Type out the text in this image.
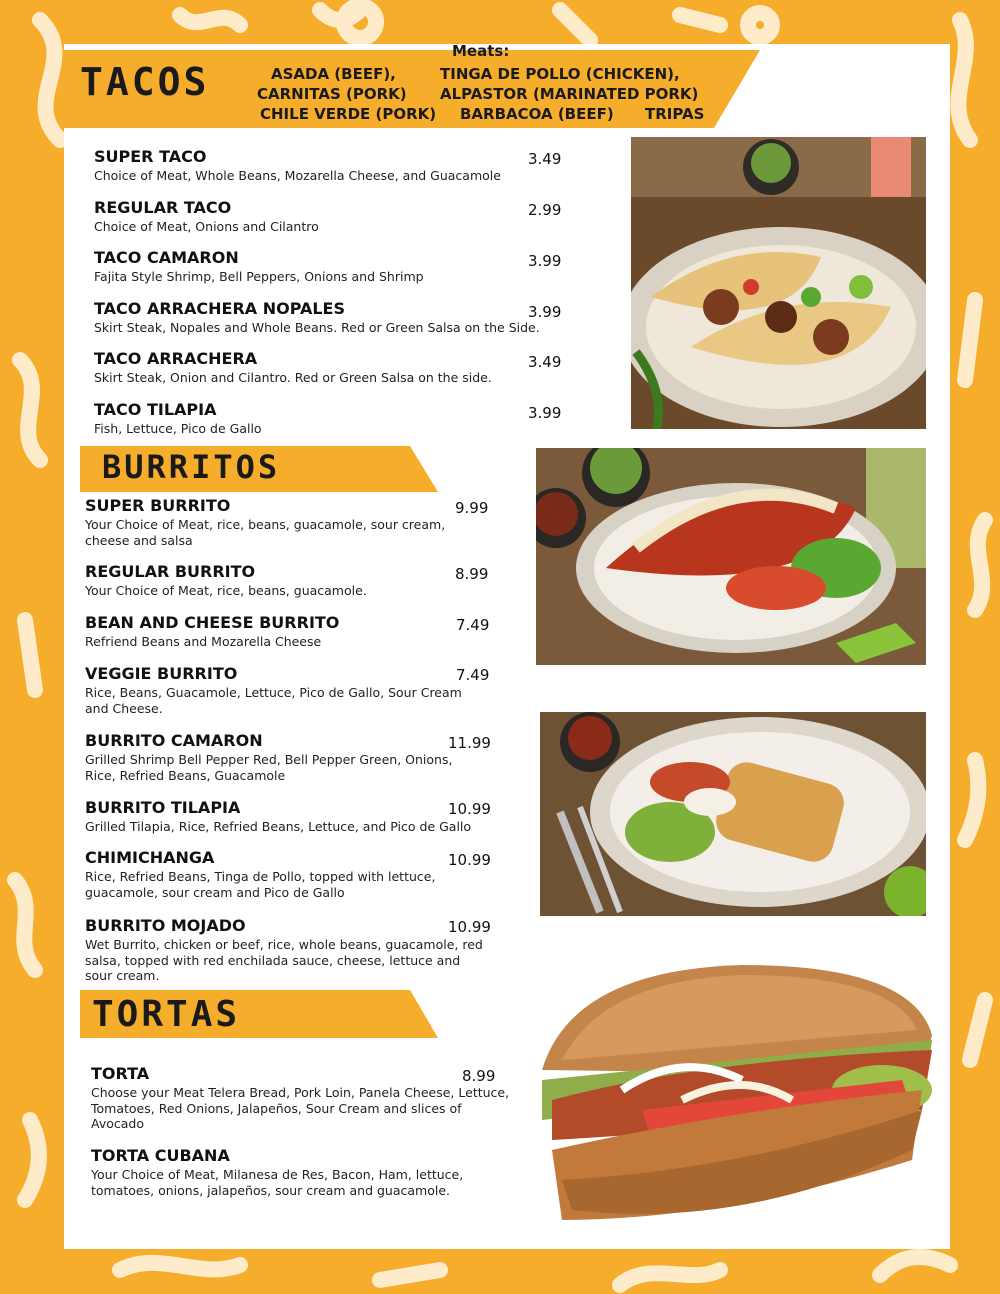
TACOS
Meats:
ASADA (BEEF),	TINGA DE POLLO (CHICKEN),
CARNITAS (PORK) ALPASTOR (MARINATED PORK)
CHILE VERDE (PORK) BARBACOA (BEEF) TRIPAS
SUPER TACO
Choice of Meat, Whole Beans, Mozarella Cheese, and Guacamole
3.49
REGULAR TACO
Choice of Meat, Onions and Cilantro
2.99
TACO CAMARON
Fajita Style Shrimp, Bell Peppers, Onions and Shrimp
3.99
TACO ARRACHERA NOPALES
Skirt Steak, Nopales and Whole Beans. Red or Green Salsa on the Side.
3.99
TACO ARRACHERA
Skirt Steak, Onion and Cilantro. Red or Green Salsa on the side.
3.49
TACO TILAPIA
Fish, Lettuce, Pico de Gallo
3.99
BURRITOS
SUPER BURRITO
Your Choice of Meat, rice, beans, guacamole, sour cream, cheese and salsa
9.99
REGULAR BURRITO
Your Choice of Meat, rice, beans, guacamole.
8.99
BEAN AND CHEESE BURRITO
Refriend Beans and Mozarella Cheese
7.49
VEGGIE BURRITO
Rice, Beans, Guacamole, Lettuce, Pico de Gallo, Sour Cream and Cheese.
7.49
BURRITO CAMARON
Grilled Shrimp Bell Pepper Red, Bell Pepper Green, Onions, Rice, Refried Beans, Guacamole
11.99
BURRITO TILAPIA
Grilled Tilapia, Rice, Refried Beans, Lettuce, and Pico de Gallo
10.99
CHIMICHANGA
Rice, Refried Beans, Tinga de Pollo, topped with lettuce, guacamole, sour cream and Pico de Gallo
10.99
BURRITO MOJADO
Wet Burrito, chicken or beef, rice, whole beans, guacamole, red salsa, topped with red enchilada sauce, cheese, lettuce and sour cream.
10.99
TORTAS
TORTA
Choose your Meat Telera Bread, Pork Loin, Panela Cheese, Lettuce, Tomatoes, Red Onions, Jalapeños, Sour Cream and slices of Avocado
8.99
TORTA CUBANA
Your Choice of Meat, Milanesa de Res, Bacon, Ham, lettuce, tomatoes, onions, jalapeños, sour cream and guacamole.
